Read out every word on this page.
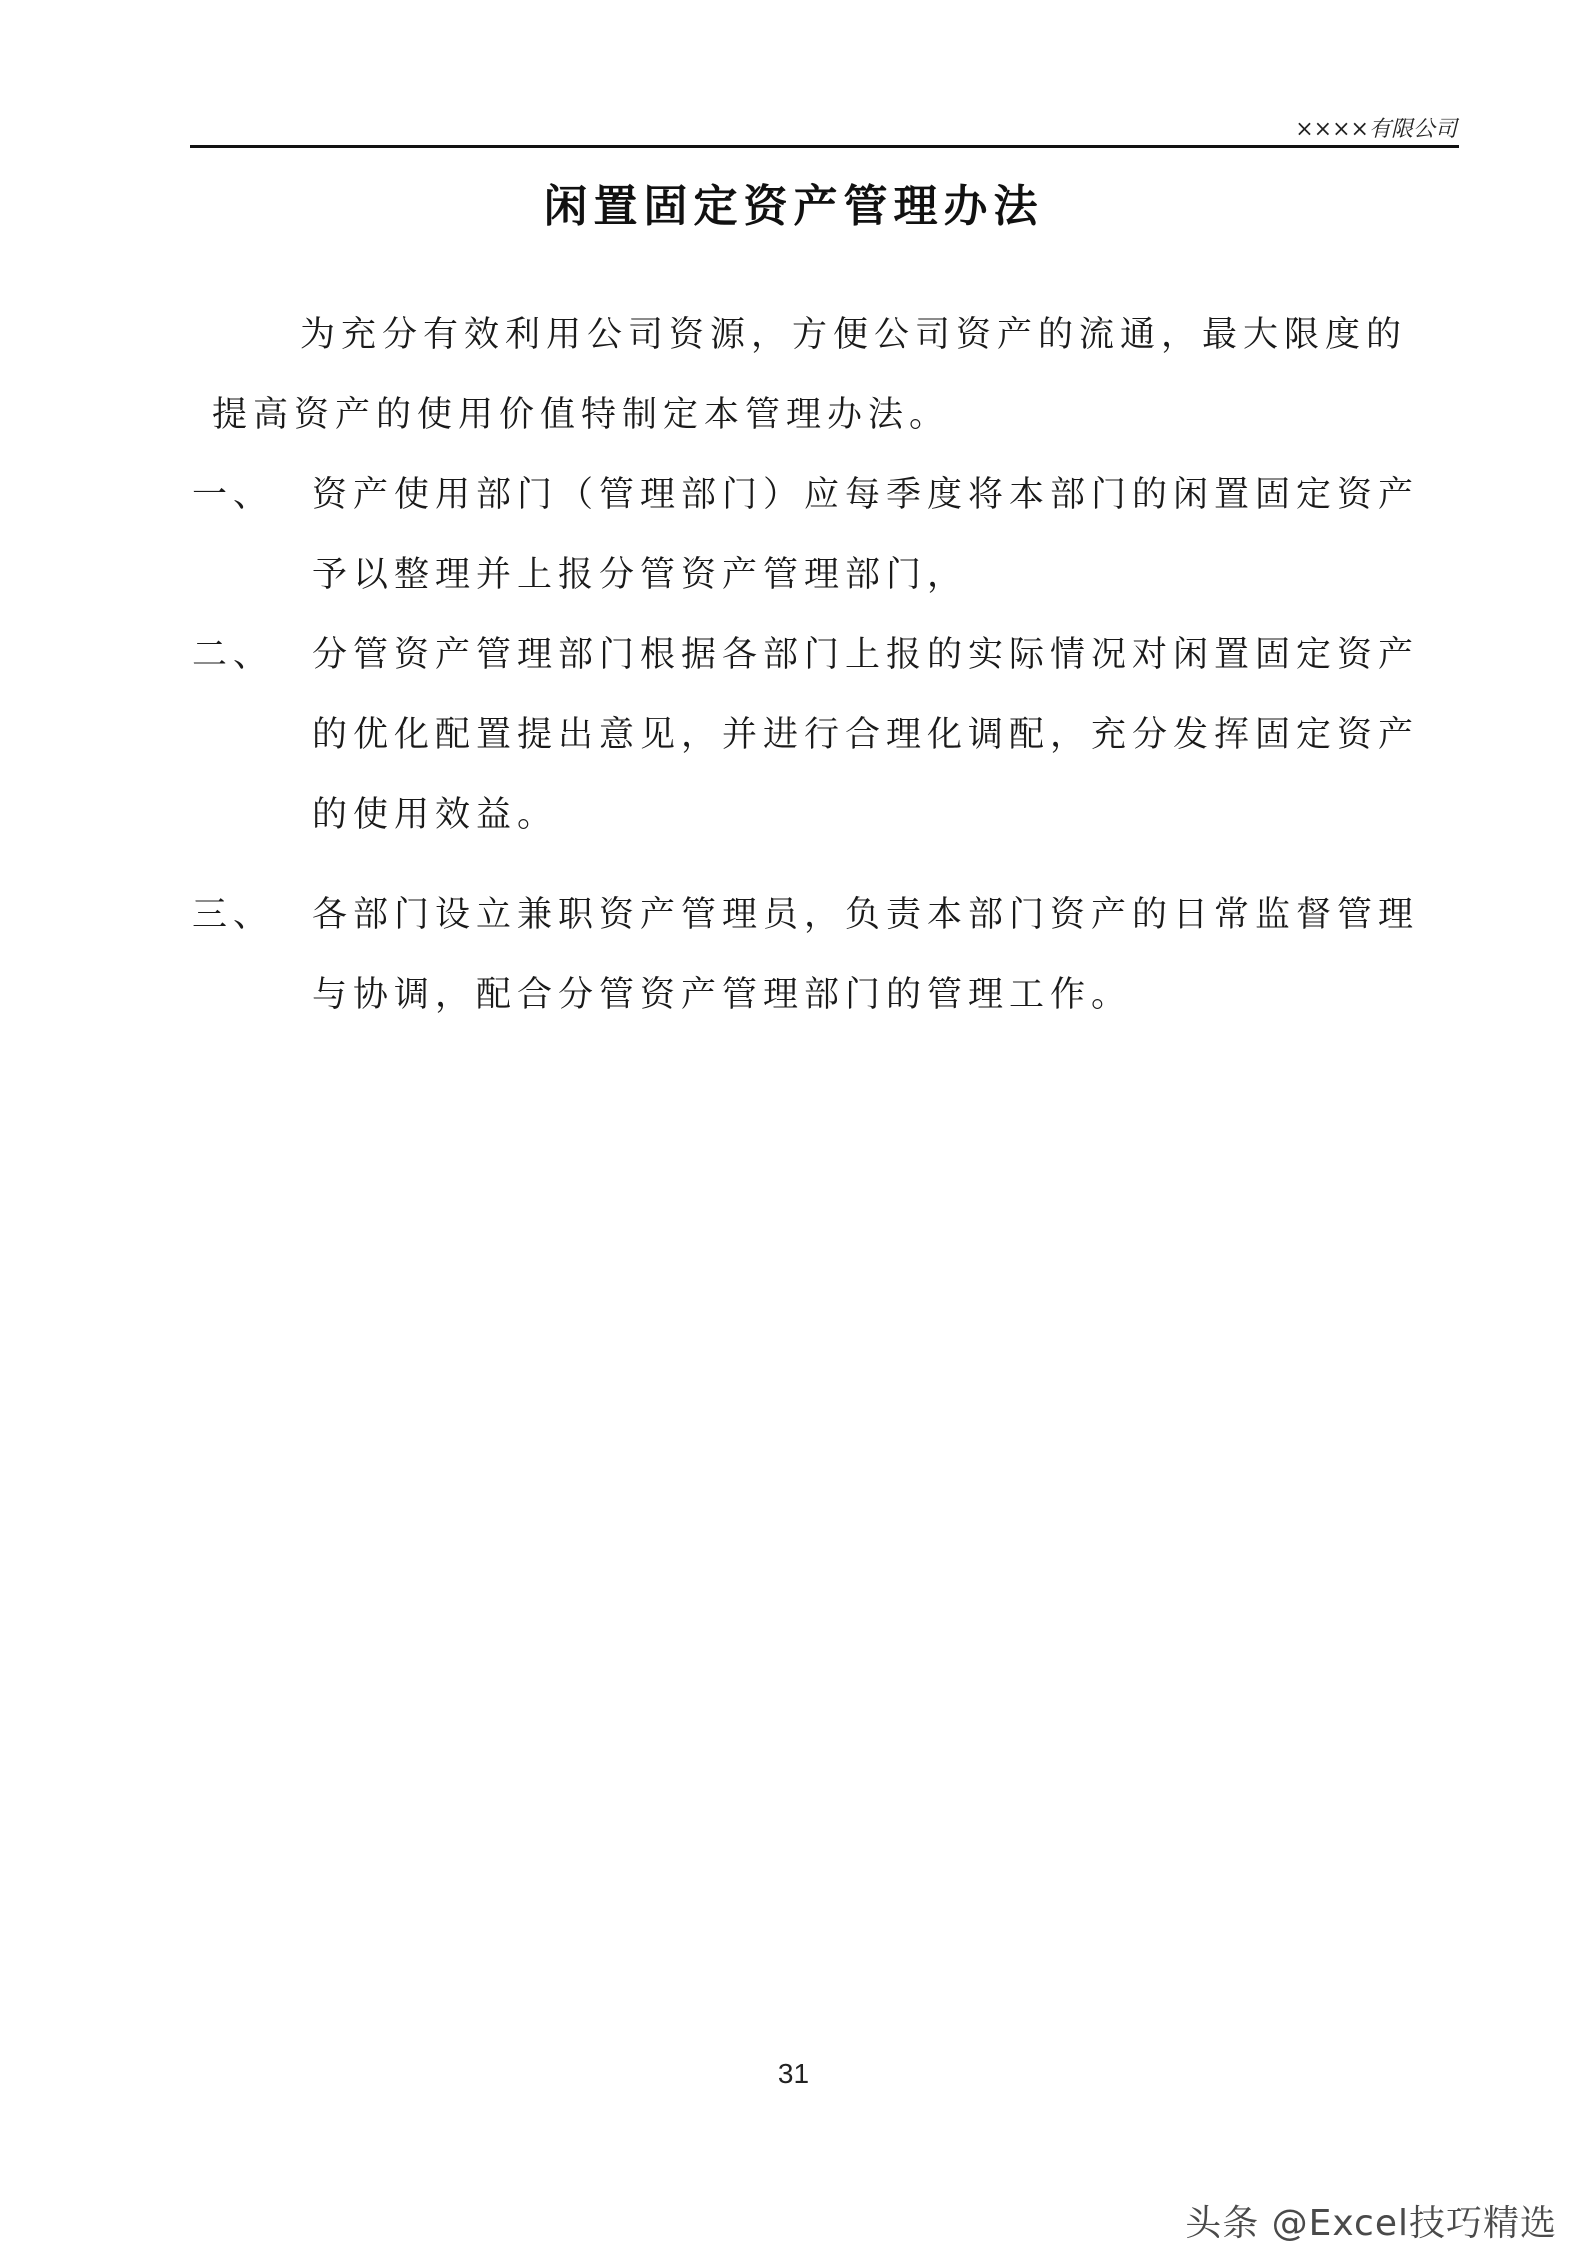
××××有限公司
闲置固定资产管理办法
为充分有效利用公司资源，方便公司资产的流通，最大限度的
提高资产的使用价值特制定本管理办法。
一、 资产使用部门（管理部门）应每季度将本部门的闲置固定资产
予以整理并上报分管资产管理部门，
二、 分管资产管理部门根据各部门上报的实际情况对闲置固定资产
的优化配置提出意见，并进行合理化调配，充分发挥固定资产
的使用效益。
三、 各部门设立兼职资产管理员，负责本部门资产的日常监督管理
与协调，配合分管资产管理部门的管理工作。
31
头条 @Excel技巧精选
